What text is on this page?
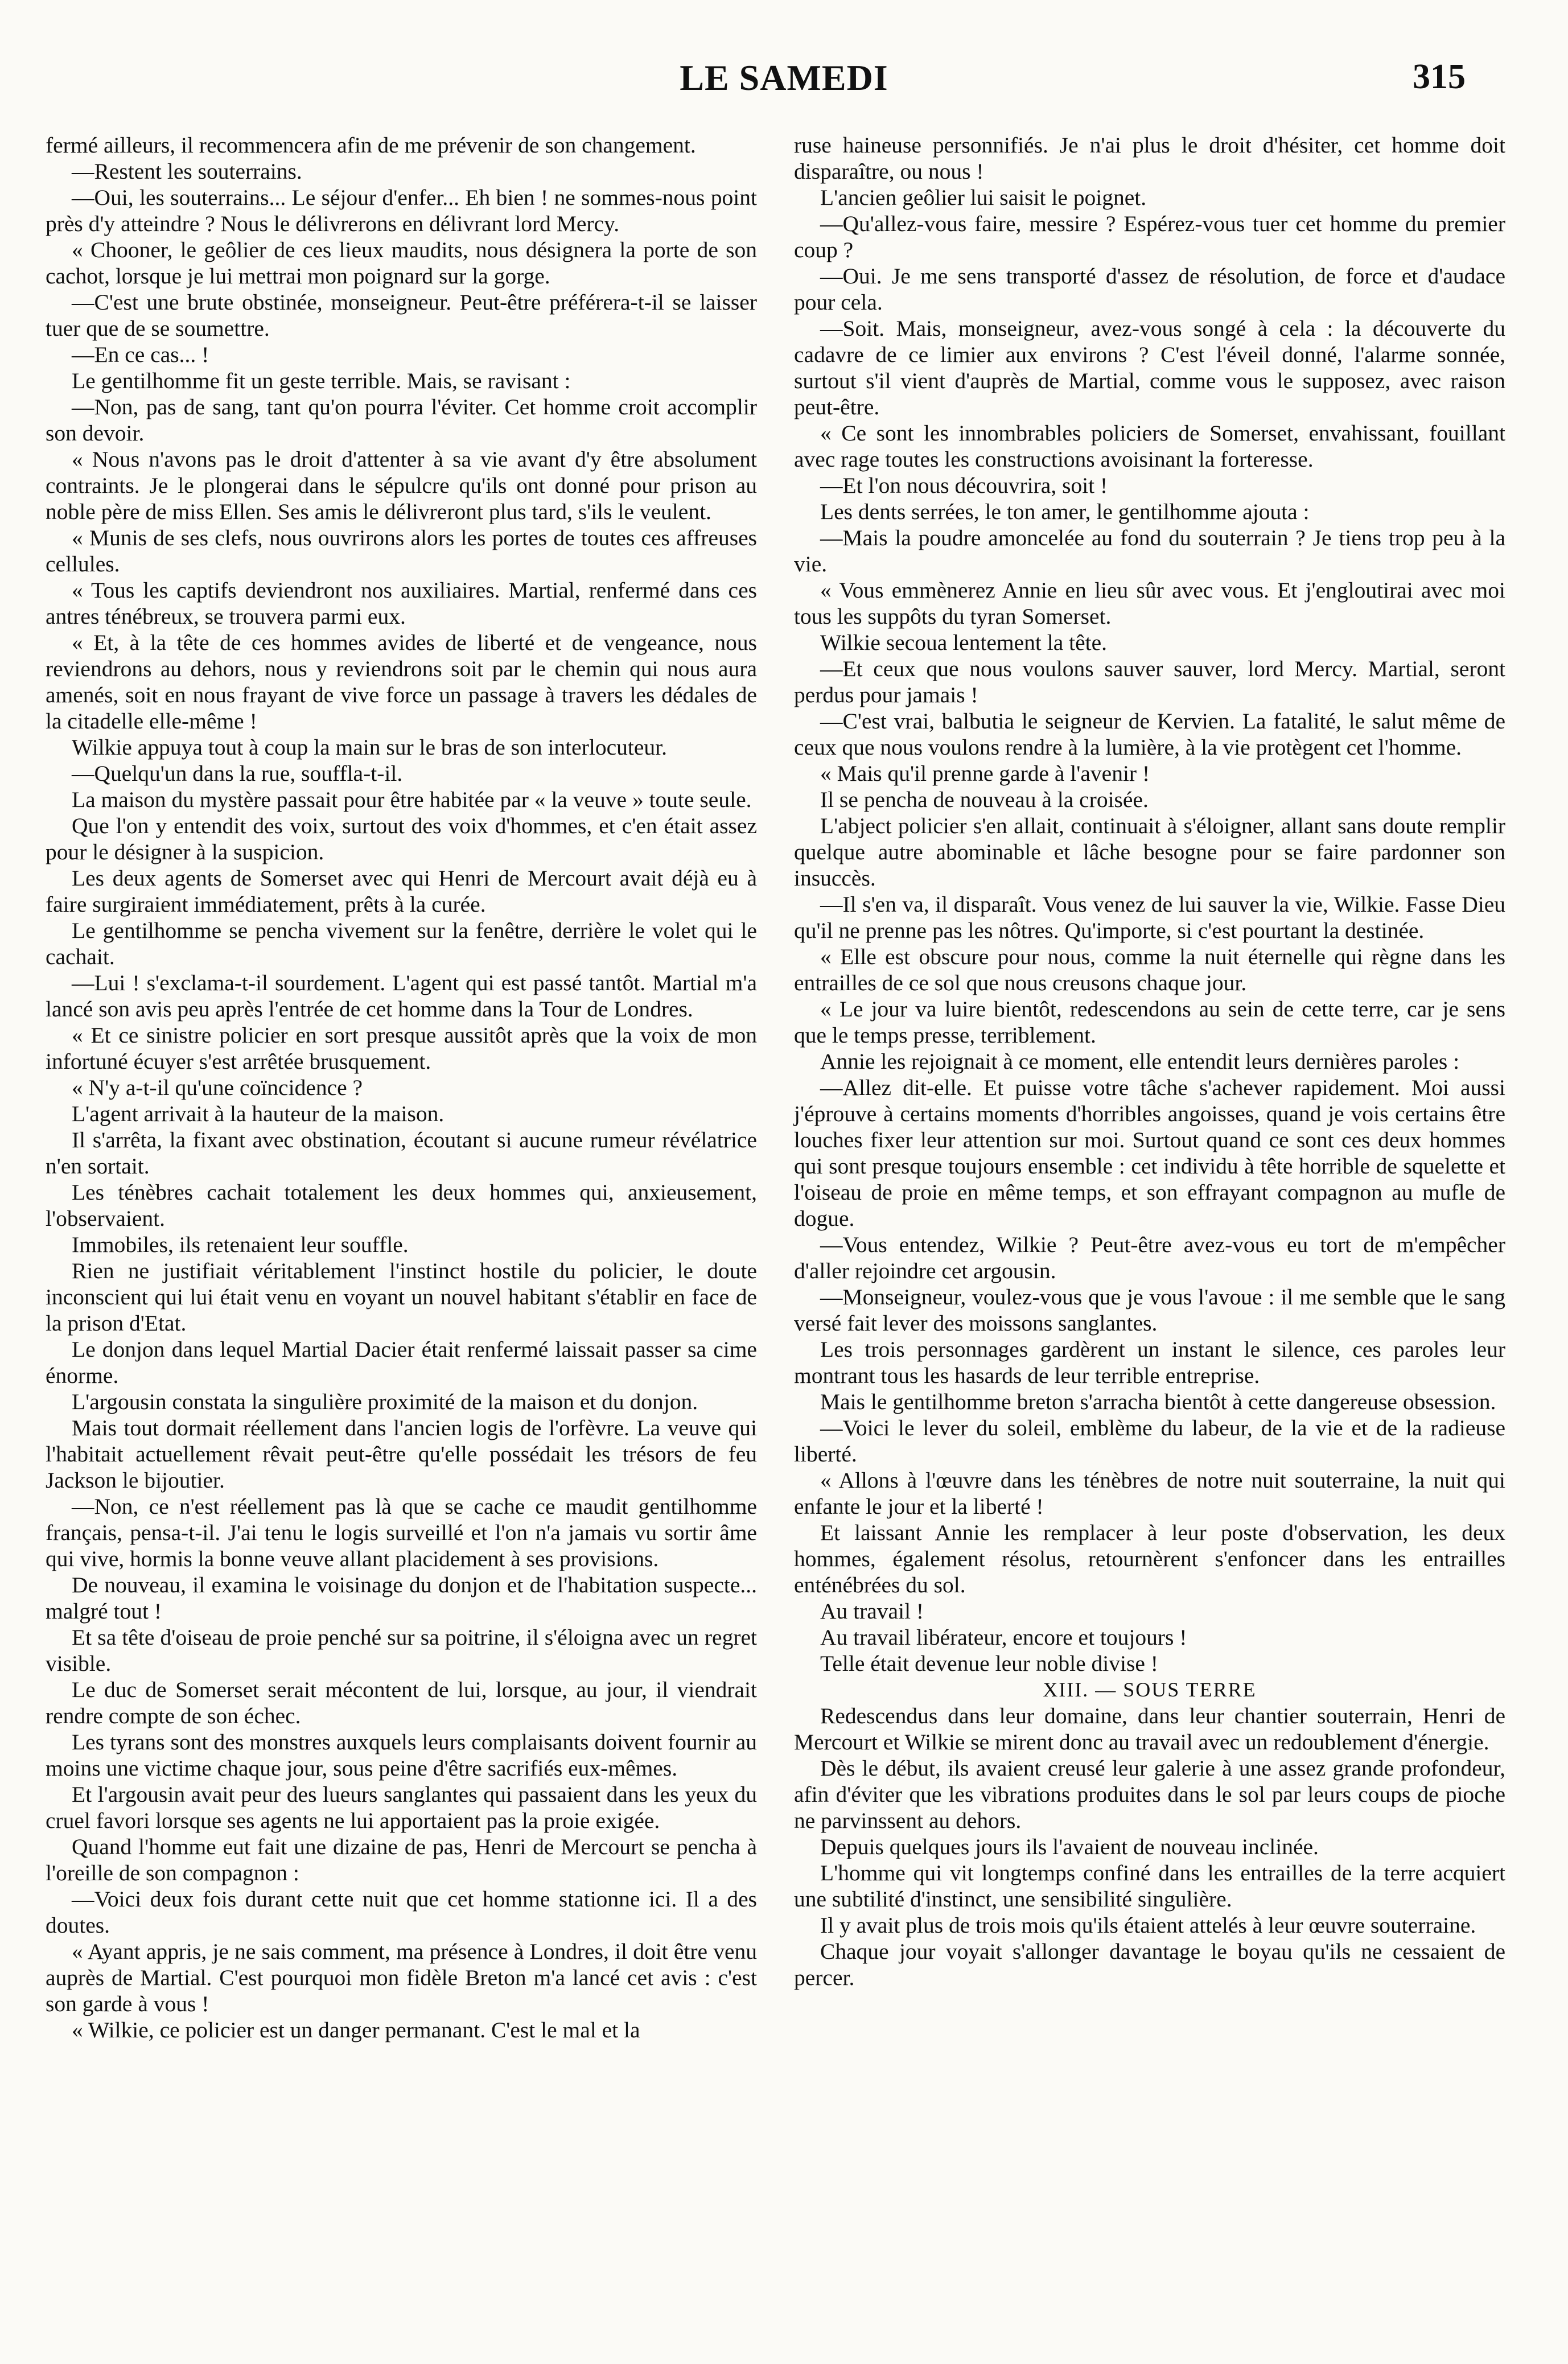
LE SAMEDI	315

fermé ailleurs, il recommencera afin de me prévenir de son changement.

—Restent les souterrains.

—Oui, les souterrains... Le séjour d'enfer... Eh bien ! ne sommes-nous point près d'y atteindre ? Nous le délivrerons en délivrant lord Mercy.

« Chooner, le geôlier de ces lieux maudits, nous désignera la porte de son cachot, lorsque je lui mettrai mon poignard sur la gorge.

—C'est une brute obstinée, monseigneur. Peut-être préférera-t-il se laisser tuer que de se soumettre.

—En ce cas... !

Le gentilhomme fit un geste terrible. Mais, se ravisant :

—Non, pas de sang, tant qu'on pourra l'éviter. Cet homme croit accomplir son devoir.

« Nous n'avons pas le droit d'attenter à sa vie avant d'y être absolument contraints. Je le plongerai dans le sépulcre qu'ils ont donné pour prison au noble père de miss Ellen. Ses amis le délivreront plus tard, s'ils le veulent.

« Munis de ses clefs, nous ouvrirons alors les portes de toutes ces affreuses cellules.

« Tous les captifs deviendront nos auxiliaires. Martial, renfermé dans ces antres ténébreux, se trouvera parmi eux.

« Et, à la tête de ces hommes avides de liberté et de vengeance, nous reviendrons au dehors, nous y reviendrons soit par le chemin qui nous aura amenés, soit en nous frayant de vive force un passage à travers les dédales de la citadelle elle-même !

Wilkie appuya tout à coup la main sur le bras de son interlocuteur.

—Quelqu'un dans la rue, souffla-t-il.

La maison du mystère passait pour être habitée par « la veuve » toute seule.

Que l'on y entendit des voix, surtout des voix d'hommes, et c'en était assez pour le désigner à la suspicion.

Les deux agents de Somerset avec qui Henri de Mercourt avait déjà eu à faire surgiraient immédiatement, prêts à la curée.

Le gentilhomme se pencha vivement sur la fenêtre, derrière le volet qui le cachait.

—Lui ! s'exclama-t-il sourdement. L'agent qui est passé tantôt. Martial m'a lancé son avis peu après l'entrée de cet homme dans la Tour de Londres.

« Et ce sinistre policier en sort presque aussitôt après que la voix de mon infortuné écuyer s'est arrêtée brusquement.

« N'y a-t-il qu'une coïncidence ?

L'agent arrivait à la hauteur de la maison.

Il s'arrêta, la fixant avec obstination, écoutant si aucune rumeur révélatrice n'en sortait.

Les ténèbres cachait totalement les deux hommes qui, anxieusement, l'observaient.

Immobiles, ils retenaient leur souffle.

Rien ne justifiait véritablement l'instinct hostile du policier, le doute inconscient qui lui était venu en voyant un nouvel habitant s'établir en face de la prison d'Etat.

Le donjon dans lequel Martial Dacier était renfermé laissait passer sa cime énorme.

L'argousin constata la singulière proximité de la maison et du donjon.

Mais tout dormait réellement dans l'ancien logis de l'orfèvre. La veuve qui l'habitait actuellement rêvait peut-être qu'elle possédait les trésors de feu Jackson le bijoutier.

—Non, ce n'est réellement pas là que se cache ce maudit gentilhomme français, pensa-t-il. J'ai tenu le logis surveillé et l'on n'a jamais vu sortir âme qui vive, hormis la bonne veuve allant placidement à ses provisions.

De nouveau, il examina le voisinage du donjon et de l'habitation suspecte... malgré tout !

Et sa tête d'oiseau de proie penché sur sa poitrine, il s'éloigna avec un regret visible.

Le duc de Somerset serait mécontent de lui, lorsque, au jour, il viendrait rendre compte de son échec.

Les tyrans sont des monstres auxquels leurs complaisants doivent fournir au moins une victime chaque jour, sous peine d'être sacrifiés eux-mêmes.

Et l'argousin avait peur des lueurs sanglantes qui passaient dans les yeux du cruel favori lorsque ses agents ne lui apportaient pas la proie exigée.

Quand l'homme eut fait une dizaine de pas, Henri de Mercourt se pencha à l'oreille de son compagnon :

—Voici deux fois durant cette nuit que cet homme stationne ici. Il a des doutes.

« Ayant appris, je ne sais comment, ma présence à Londres, il doit être venu auprès de Martial. C'est pourquoi mon fidèle Breton m'a lancé cet avis : c'est son garde à vous !

« Wilkie, ce policier est un danger permanant. C'est le mal et la

ruse haineuse personnifiés. Je n'ai plus le droit d'hésiter, cet homme doit disparaître, ou nous !

L'ancien geôlier lui saisit le poignet.

—Qu'allez-vous faire, messire ? Espérez-vous tuer cet homme du premier coup ?

—Oui. Je me sens transporté d'assez de résolution, de force et d'audace pour cela.

—Soit. Mais, monseigneur, avez-vous songé à cela : la découverte du cadavre de ce limier aux environs ? C'est l'éveil donné, l'alarme sonnée, surtout s'il vient d'auprès de Martial, comme vous le supposez, avec raison peut-être.

« Ce sont les innombrables policiers de Somerset, envahissant, fouillant avec rage toutes les constructions avoisinant la forteresse.

—Et l'on nous découvrira, soit !

Les dents serrées, le ton amer, le gentilhomme ajouta :

—Mais la poudre amoncelée au fond du souterrain ? Je tiens trop peu à la vie.

« Vous emmènerez Annie en lieu sûr avec vous. Et j'engloutirai avec moi tous les suppôts du tyran Somerset.

Wilkie secoua lentement la tête.

—Et ceux que nous voulons sauver sauver, lord Mercy. Martial, seront perdus pour jamais !

—C'est vrai, balbutia le seigneur de Kervien. La fatalité, le salut même de ceux que nous voulons rendre à la lumière, à la vie protègent cet l'homme.

« Mais qu'il prenne garde à l'avenir !

Il se pencha de nouveau à la croisée.

L'abject policier s'en allait, continuait à s'éloigner, allant sans doute remplir quelque autre abominable et lâche besogne pour se faire pardonner son insuccès.

—Il s'en va, il disparaît. Vous venez de lui sauver la vie, Wilkie. Fasse Dieu qu'il ne prenne pas les nôtres. Qu'importe, si c'est pourtant la destinée.

« Elle est obscure pour nous, comme la nuit éternelle qui règne dans les entrailles de ce sol que nous creusons chaque jour.

« Le jour va luire bientôt, redescendons au sein de cette terre, car je sens que le temps presse, terriblement.

Annie les rejoignait à ce moment, elle entendit leurs dernières paroles :

—Allez dit-elle. Et puisse votre tâche s'achever rapidement. Moi aussi j'éprouve à certains moments d'horribles angoisses, quand je vois certains être louches fixer leur attention sur moi. Surtout quand ce sont ces deux hommes qui sont presque toujours ensemble : cet individu à tête horrible de squelette et l'oiseau de proie en même temps, et son effrayant compagnon au mufle de dogue.

—Vous entendez, Wilkie ? Peut-être avez-vous eu tort de m'empêcher d'aller rejoindre cet argousin.

—Monseigneur, voulez-vous que je vous l'avoue : il me semble que le sang versé fait lever des moissons sanglantes.

Les trois personnages gardèrent un instant le silence, ces paroles leur montrant tous les hasards de leur terrible entreprise.

Mais le gentilhomme breton s'arracha bientôt à cette dangereuse obsession.

—Voici le lever du soleil, emblème du labeur, de la vie et de la radieuse liberté.

« Allons à l'œuvre dans les ténèbres de notre nuit souterraine, la nuit qui enfante le jour et la liberté !

Et laissant Annie les remplacer à leur poste d'observation, les deux hommes, également résolus, retournèrent s'enfoncer dans les entrailles enténébrées du sol.

Au travail !

Au travail libérateur, encore et toujours !

Telle était devenue leur noble divise !

XIII. — SOUS TERRE

Redescendus dans leur domaine, dans leur chantier souterrain, Henri de Mercourt et Wilkie se mirent donc au travail avec un redoublement d'énergie.

Dès le début, ils avaient creusé leur galerie à une assez grande profondeur, afin d'éviter que les vibrations produites dans le sol par leurs coups de pioche ne parvinssent au dehors.

Depuis quelques jours ils l'avaient de nouveau inclinée.

L'homme qui vit longtemps confiné dans les entrailles de la terre acquiert une subtilité d'instinct, une sensibilité singulière.

Il y avait plus de trois mois qu'ils étaient attelés à leur œuvre souterraine.

Chaque jour voyait s'allonger davantage le boyau qu'ils ne cessaient de percer.
